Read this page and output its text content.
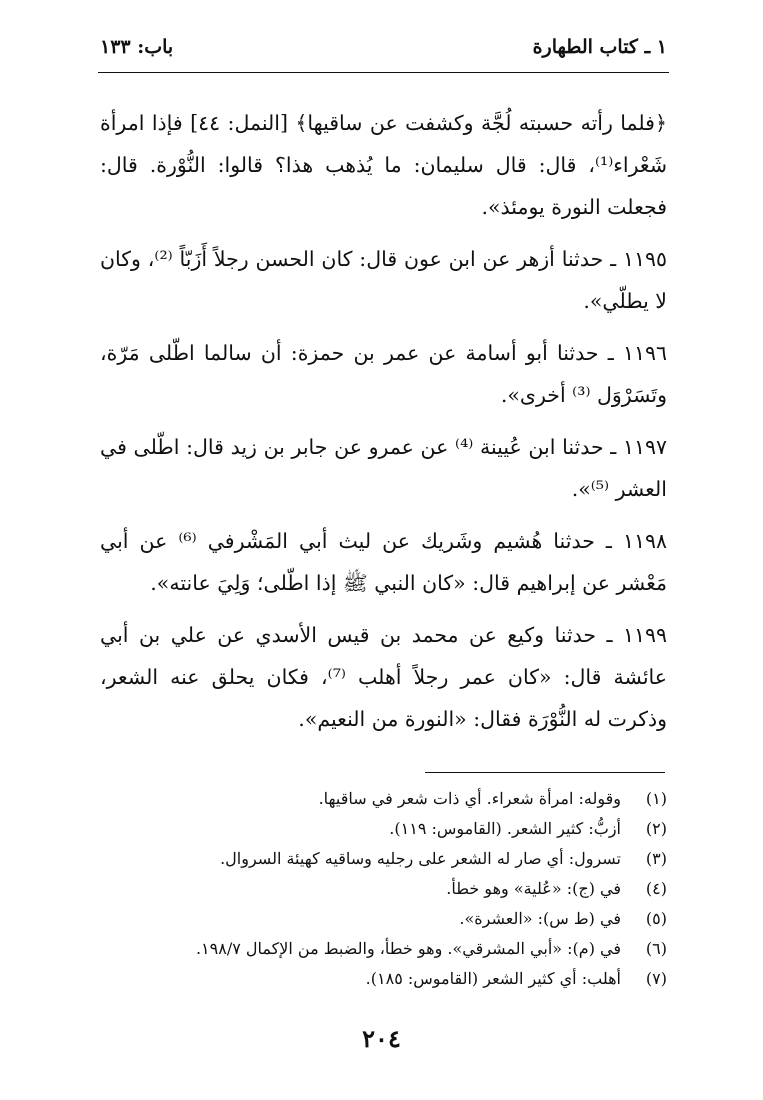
١ ـ كتاب الطهارة
باب: ١٣٣

﴿فلما رأته حسبته لُجَّة وكشفت عن ساقيها﴾ [النمل: ٤٤] فإذا امرأة شَعْراء⁽¹⁾، قال: قال سليمان: ما يُذهب هذا؟ قالوا: النُّوْرة. قال: فجعلت النورة يومئذ».

١١٩٥ ـ حدثنا أزهر عن ابن عون قال: كان الحسن رجلاً أَزَبّاً ⁽²⁾، وكان لا يطلّي».

١١٩٦ ـ حدثنا أبو أسامة عن عمر بن حمزة: أن سالما اطّلى مَرّة، وتَسَرْوَل ⁽³⁾ أخرى».

١١٩٧ ـ حدثنا ابن عُيينة ⁽⁴⁾ عن عمرو عن جابر بن زيد قال: اطّلى في العشر ⁽⁵⁾».

١١٩٨ ـ حدثنا هُشيم وشَريك عن ليث أبي المَشْرفي ⁽⁶⁾ عن أبي مَعْشر عن إبراهيم قال: «كان النبي ﷺ إذا اطّلى؛ وَلِيَ عانته».

١١٩٩ ـ حدثنا وكيع عن محمد بن قيس الأسدي عن علي بن أبي عائشة قال: «كان عمر رجلاً أهلب ⁽⁷⁾، فكان يحلق عنه الشعر، وذكرت له النُّوْرَة فقال: «النورة من النعيم».

(١)
وقوله: امرأة شعراء. أي ذات شعر في ساقيها.
(٢)
أزبُّ: كثير الشعر. (القاموس: ١١٩).
(٣)
تسرول: أي صار له الشعر على رجليه وساقيه كهيئة السروال.
(٤)
في (ج): «عُلية» وهو خطأ.
(٥)
في (ط س): «العشرة».
(٦)
في (م): «أبي المشرقي». وهو خطأ، والضبط من الإكمال ١٩٨/٧.
(٧)
أهلب: أي كثير الشعر (القاموس: ١٨٥).
٢٠٤
